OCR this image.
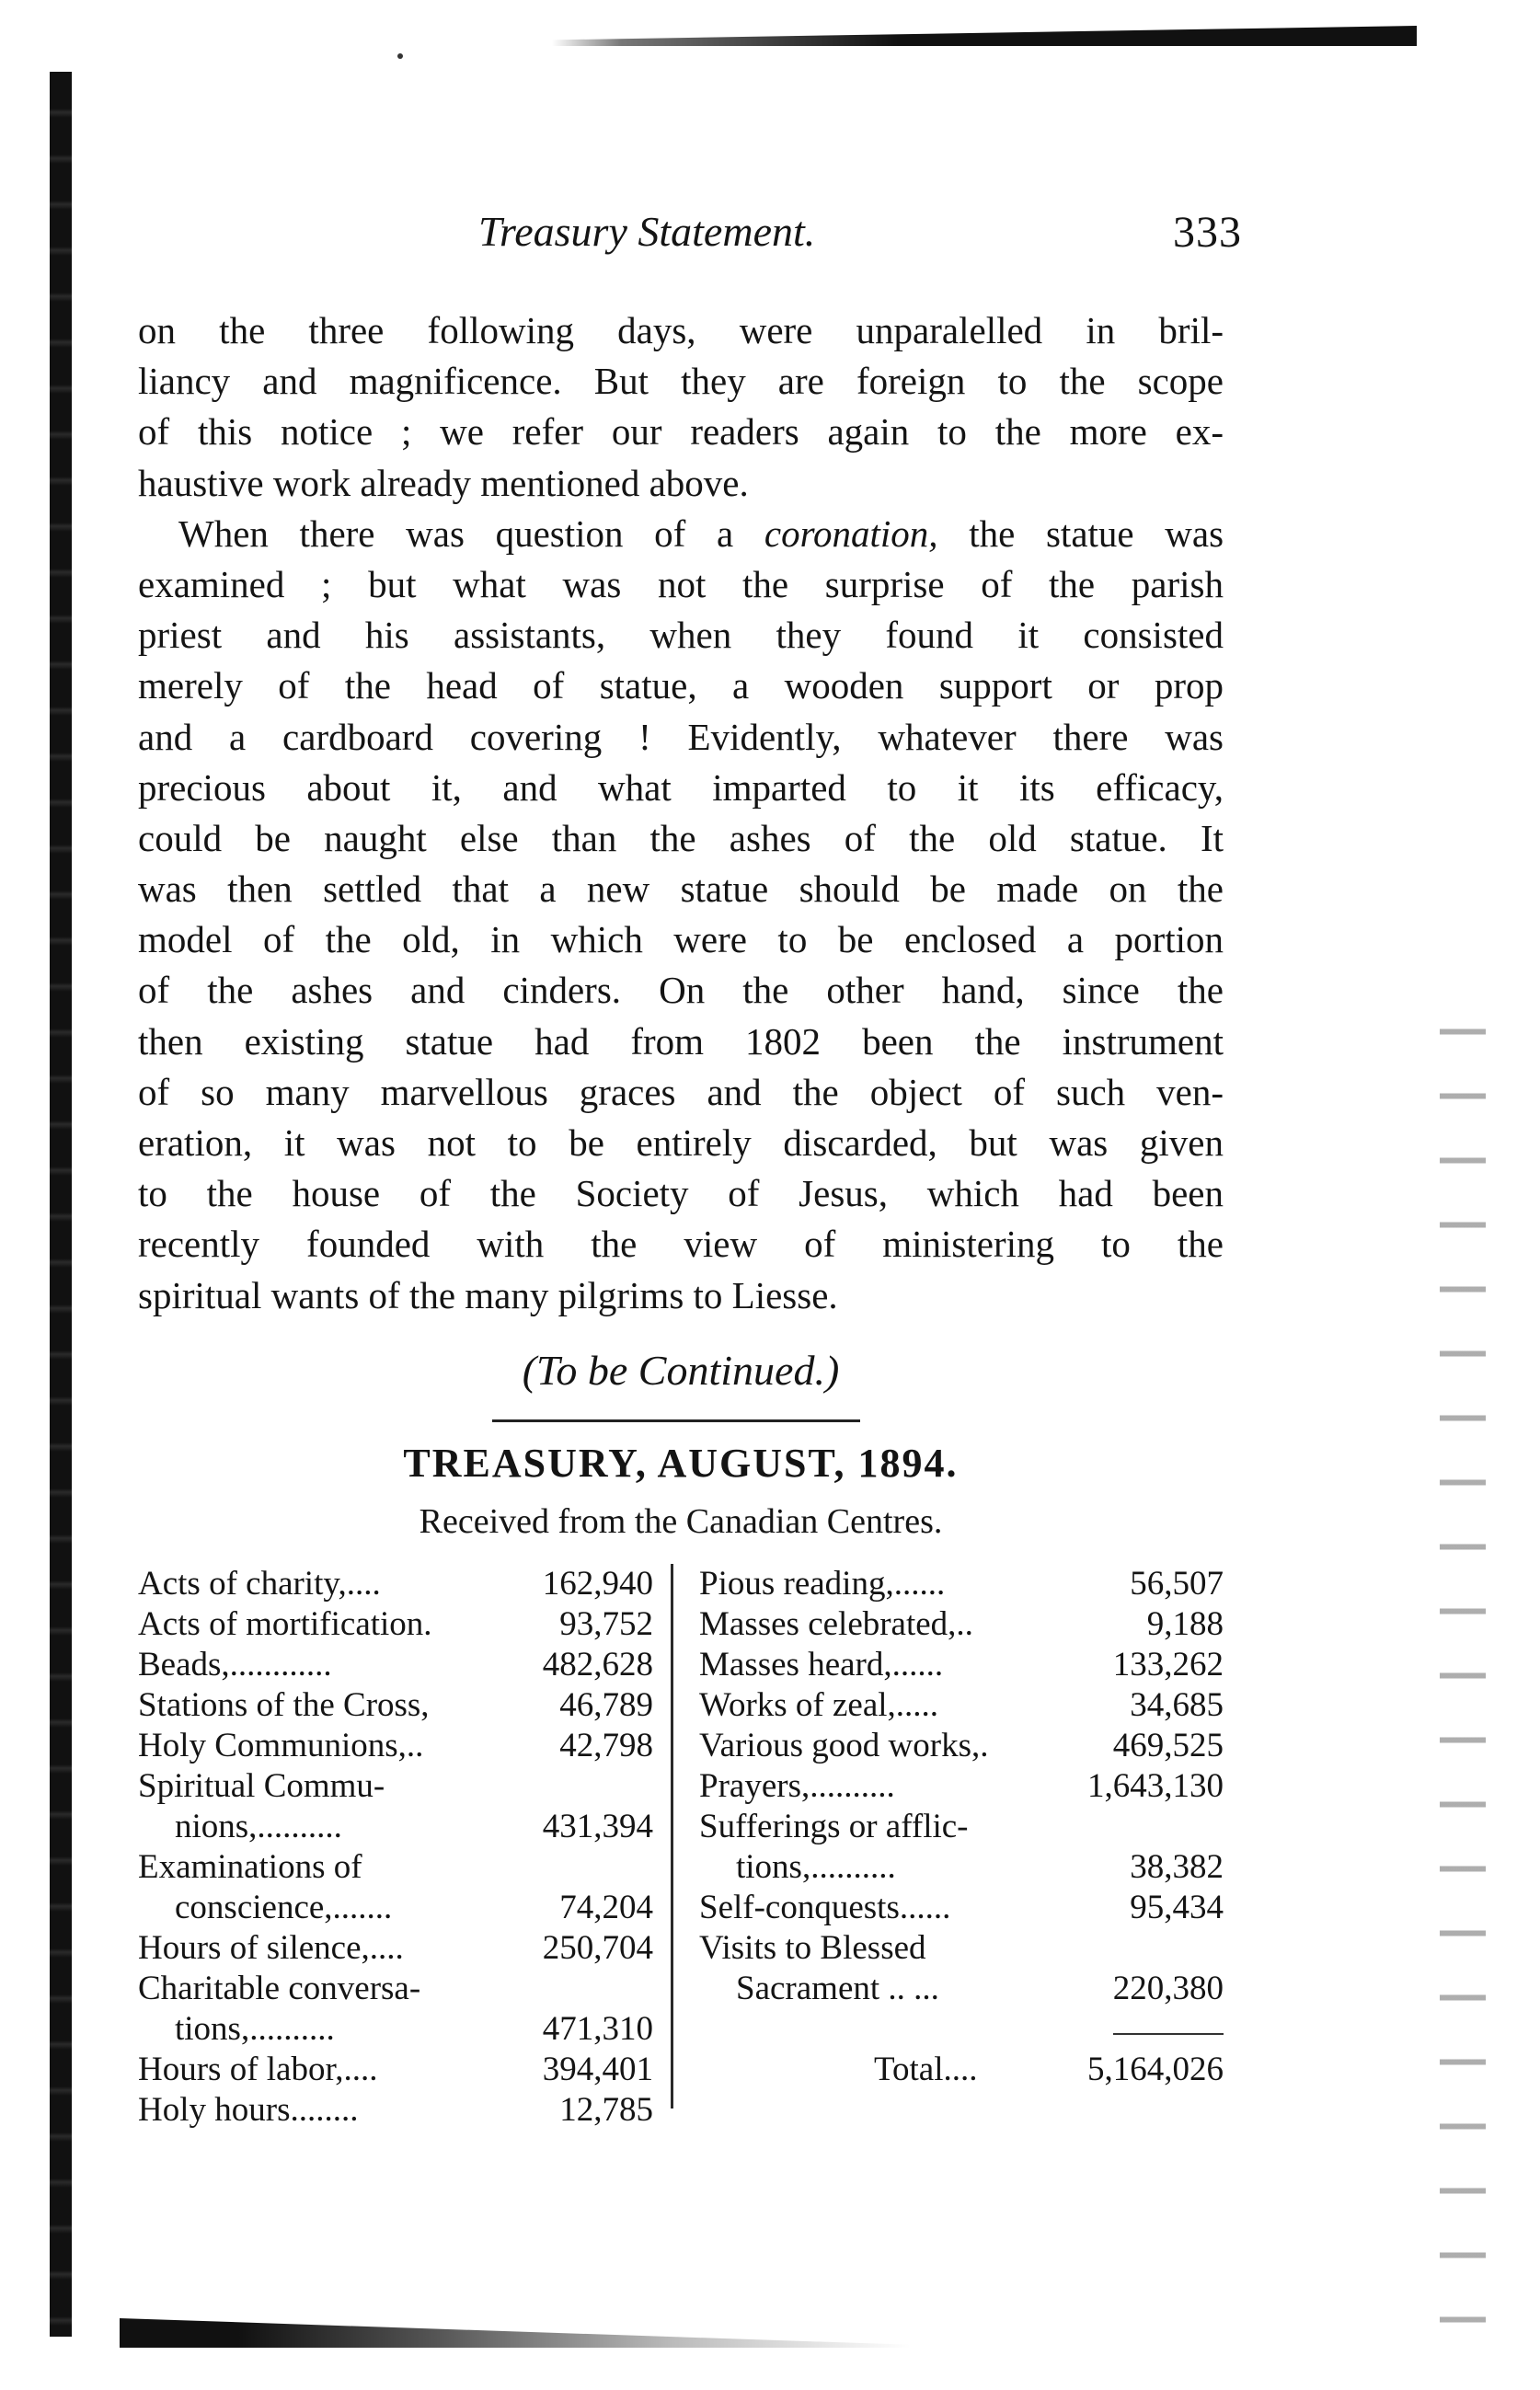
Treasury Statement.	333
on the three following days, were unparalelled in bril-
liancy and magnificence. But they are foreign to the scope
of this notice ; we refer our readers again to the more ex-
haustive work already mentioned above.
When there was question of a coronation, the statue was
examined ; but what was not the surprise of the parish
priest and his assistants, when they found it consisted
merely of the head of statue, a wooden support or prop
and a cardboard covering ! Evidently, whatever there was
precious about it, and what imparted to it its efficacy,
could be naught else than the ashes of the old statue. It
was then settled that a new statue should be made on the
model of the old, in which were to be enclosed a portion
of the ashes and cinders. On the other hand, since the
then existing statue had from 1802 been the instrument
of so many marvellous graces and the object of such ven-
eration, it was not to be entirely discarded, but was given
to the house of the Society of Jesus, which had been
recently founded with the view of ministering to the
spiritual wants of the many pilgrims to Liesse.
(To be Continued.)
TREASURY, AUGUST, 1894.
Received from the Canadian Centres.
Acts of charity,....	162,940
Acts of mortification.	93,752
Beads,............	482,628
Stations of the Cross,	46,789
Holy Communions,..	42,798
Spiritual Commu-
nions,..........	431,394
Examinations of
conscience,.......	74,204
Hours of silence,....	250,704
Charitable conversa-
tions,..........	471,310
Hours of labor,....	394,401
Holy hours........	12,785
Pious reading,......	56,507
Masses celebrated,..	9,188
Masses heard,......	133,262
Works of zeal,.....	34,685
Various good works,.	469,525
Prayers,..........	1,643,130
Sufferings or afflic-
tions,..........	38,382
Self-conquests......	95,434
Visits to Blessed
Sacrament .. ...	220,380
Total....	5,164,026
